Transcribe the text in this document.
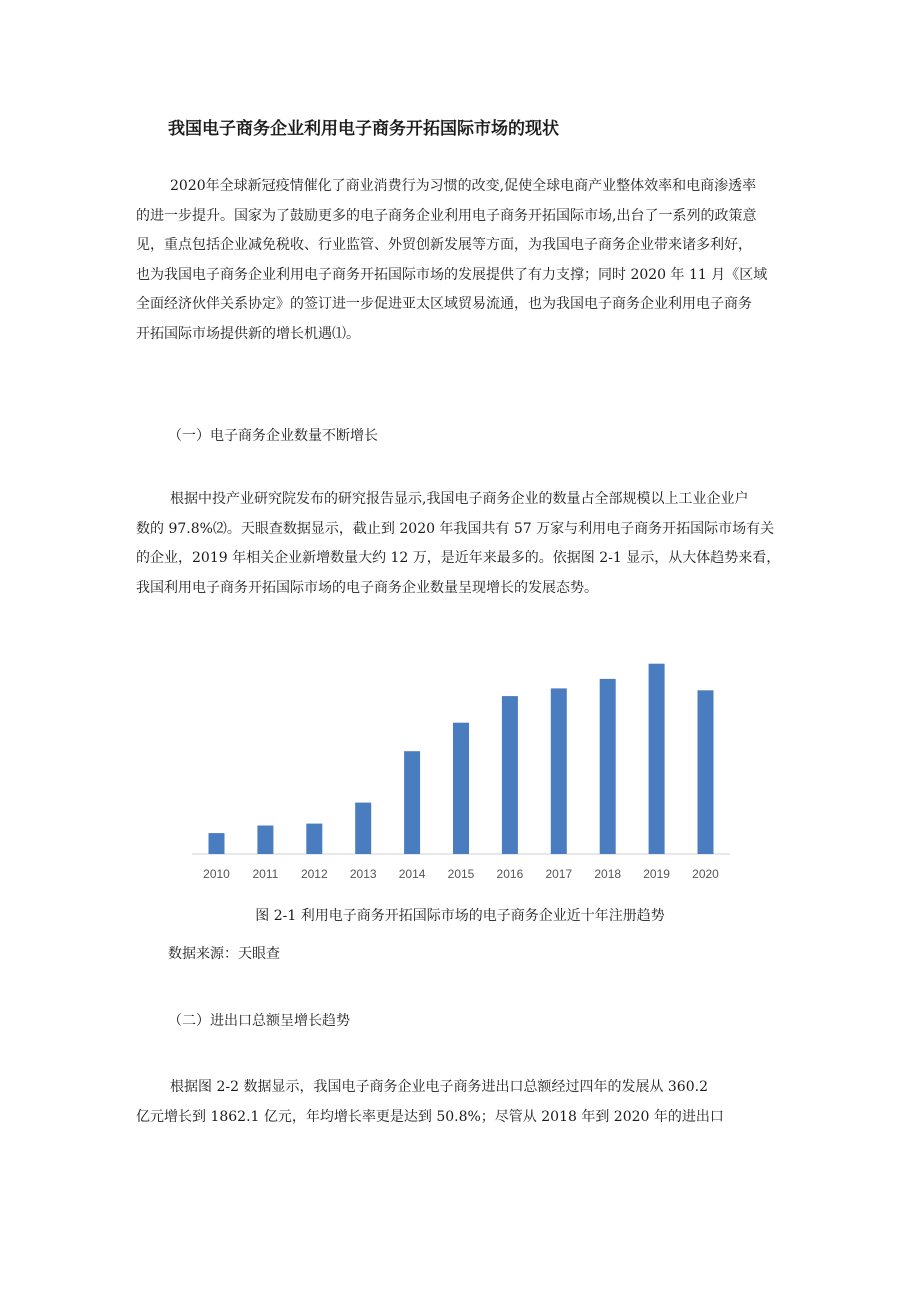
我国电子商务企业利用电子商务开拓国际市场的现状
2020年全球新冠疫情催化了商业消费行为习惯的改变,促使全球电商产业整体效率和电商渗透率
的进一步提升。国家为了鼓励更多的电子商务企业利用电子商务开拓国际市场,出台了一系列的政策意
见，重点包括企业减免税收、行业监管、外贸创新发展等方面，为我国电子商务企业带来诸多利好，
也为我国电子商务企业利用电子商务开拓国际市场的发展提供了有力支撑；同时 2020 年 11 月《区域
全面经济伙伴关系协定》的签订进一步促进亚太区域贸易流通，也为我国电子商务企业利用电子商务
开拓国际市场提供新的增长机遇⑴。

（一）电子商务企业数量不断增长

根据中投产业研究院发布的研究报告显示,我国电子商务企业的数量占全部规模以上工业企业户
数的 97.8%⑵。天眼查数据显示，截止到 2020 年我国共有 57 万家与利用电子商务开拓国际市场有关
的企业，2019 年相关企业新增数量大约 12 万，是近年来最多的。依据图 2-1 显示，从大体趋势来看，
我国利用电子商务开拓国际市场的电子商务企业数量呈现增长的发展态势。
2010 2011 2012 2013 2014 2015 2016 2017 2018 2019 2020

图 2-1 利用电子商务开拓国际市场的电子商务企业近十年注册趋势

数据来源：天眼查

（二）进出口总额呈增长趋势

根据图 2-2 数据显示，我国电子商务企业电子商务进出口总额经过四年的发展从 360.2
亿元增长到 1862.1 亿元，年均增长率更是达到 50.8%；尽管从 2018 年到 2020 年的进出口
